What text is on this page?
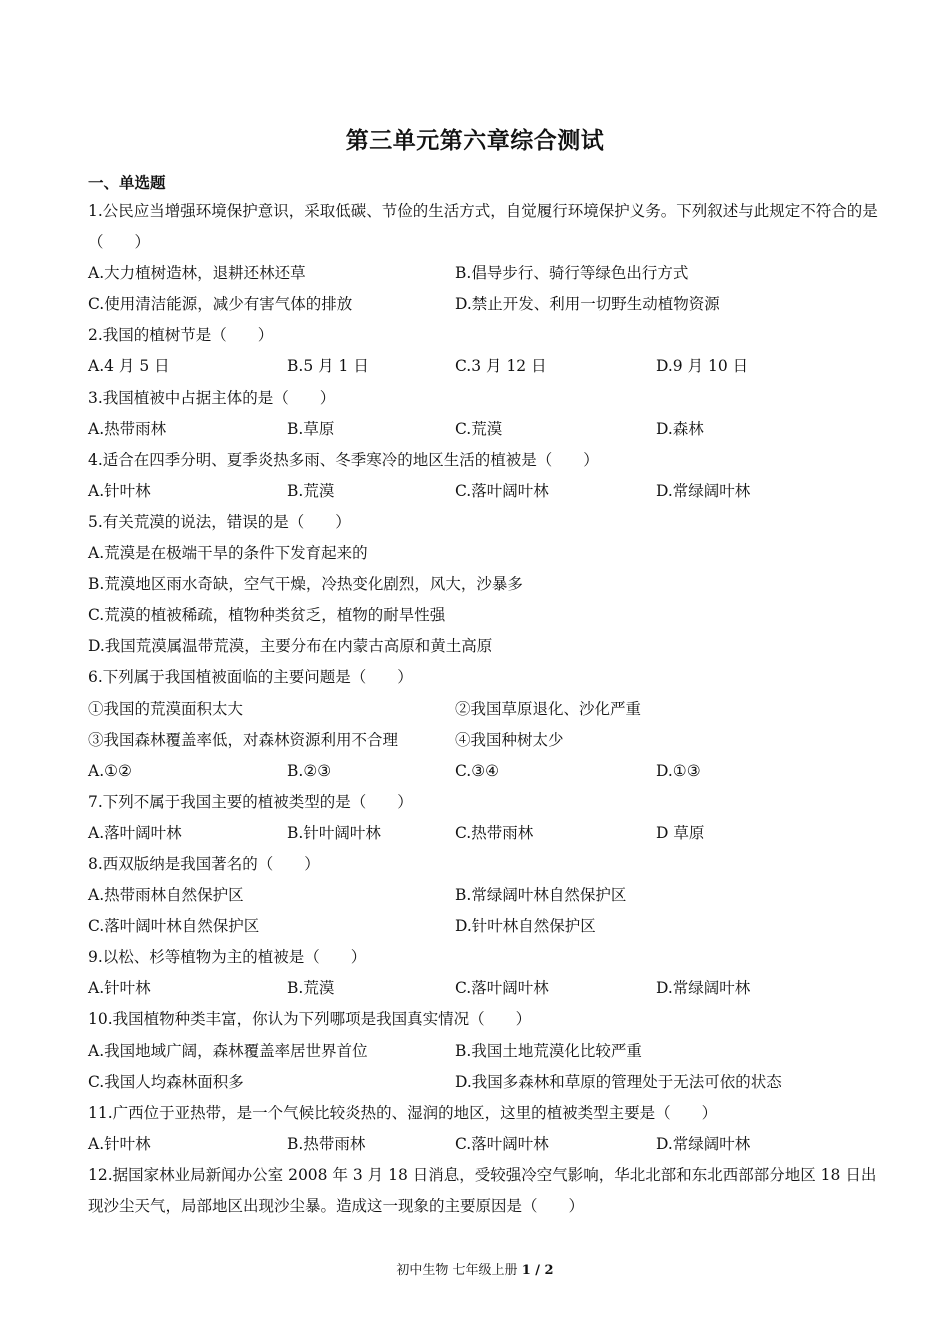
第三单元第六章综合测试
一、单选题
1.公民应当增强环境保护意识，采取低碳、节俭的生活方式，自觉履行环境保护义务。下列叙述与此规定不符合的是（　　）
A.大力植树造林，退耕还林还草	B.倡导步行、骑行等绿色出行方式
C.使用清洁能源，减少有害气体的排放	D.禁止开发、利用一切野生动植物资源
2.我国的植树节是（　　）
A.4 月 5 日	B.5 月 1 日	C.3 月 12 日	D.9 月 10 日
3.我国植被中占据主体的是（　　）
A.热带雨林	B.草原	C.荒漠	D.森林
4.适合在四季分明、夏季炎热多雨、冬季寒冷的地区生活的植被是（　　）
A.针叶林	B.荒漠	C.落叶阔叶林	D.常绿阔叶林
5.有关荒漠的说法，错误的是（　　）
A.荒漠是在极端干旱的条件下发育起来的
B.荒漠地区雨水奇缺，空气干燥，冷热变化剧烈，风大，沙暴多
C.荒漠的植被稀疏，植物种类贫乏，植物的耐旱性强
D.我国荒漠属温带荒漠，主要分布在内蒙古高原和黄土高原
6.下列属于我国植被面临的主要问题是（　　）
①我国的荒漠面积太大	②我国草原退化、沙化严重
③我国森林覆盖率低，对森林资源利用不合理	④我国种树太少
A.①②	B.②③	C.③④	D.①③
7.下列不属于我国主要的植被类型的是（　　）
A.落叶阔叶林	B.针叶阔叶林	C.热带雨林	D 草原
8.西双版纳是我国著名的（　　）
A.热带雨林自然保护区	B.常绿阔叶林自然保护区
C.落叶阔叶林自然保护区	D.针叶林自然保护区
9.以松、杉等植物为主的植被是（　　）
A.针叶林	B.荒漠	C.落叶阔叶林	D.常绿阔叶林
10.我国植物种类丰富，你认为下列哪项是我国真实情况（　　）
A.我国地域广阔，森林覆盖率居世界首位	B.我国土地荒漠化比较严重
C.我国人均森林面积多	D.我国多森林和草原的管理处于无法可依的状态
11.广西位于亚热带，是一个气候比较炎热的、湿润的地区，这里的植被类型主要是（　　）
A.针叶林	B.热带雨林	C.落叶阔叶林	D.常绿阔叶林
12.据国家林业局新闻办公室 2008 年 3 月 18 日消息，受较强冷空气影响，华北北部和东北西部部分地区 18 日出现沙尘天气，局部地区出现沙尘暴。造成这一现象的主要原因是（　　）
初中生物 七年级上册 1 / 2
